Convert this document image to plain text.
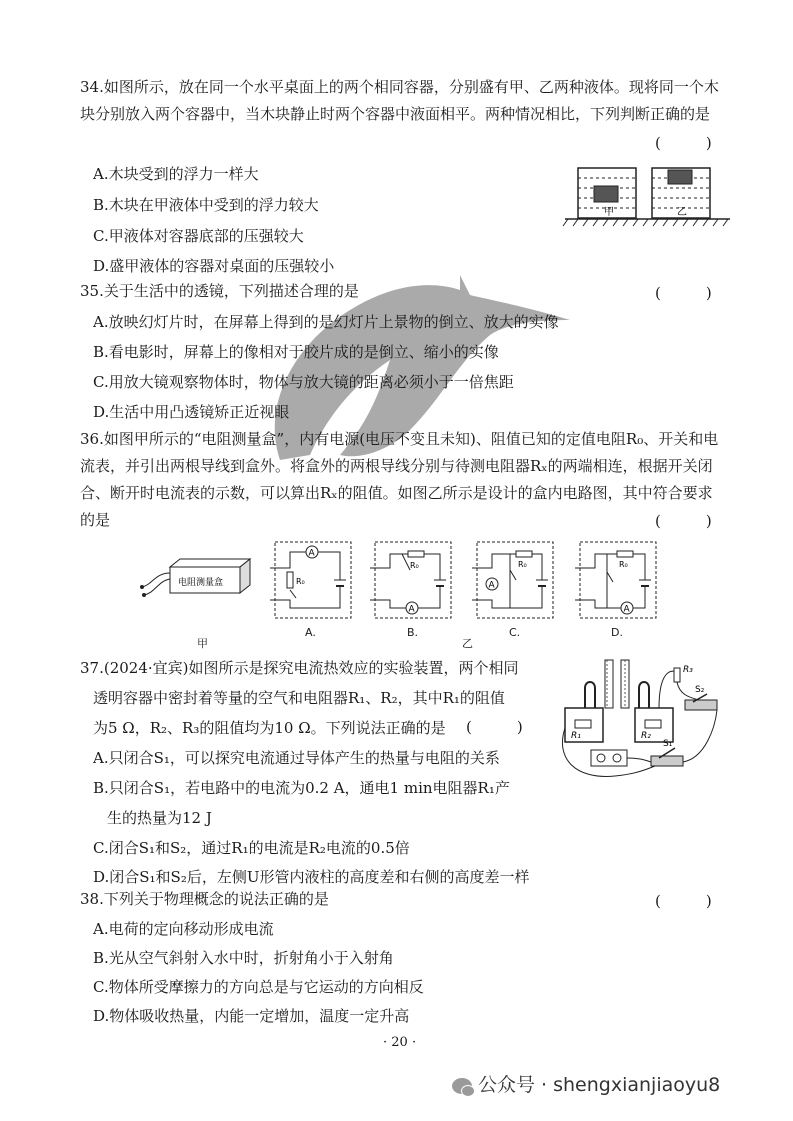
34.如图所示，放在同一个水平桌面上的两个相同容器，分别盛有甲、乙两种液体。现将同一个木块分别放入两个容器中，当木块静止时两个容器中液面相平。两种情况相比，下列判断正确的是
(　　　)
A.木块受到的浮力一样大
B.木块在甲液体中受到的浮力较大
C.甲液体对容器底部的压强较大
D.盛甲液体的容器对桌面的压强较小
甲	乙
35.关于生活中的透镜，下列描述合理的是	(　　　)
A.放映幻灯片时，在屏幕上得到的是幻灯片上景物的倒立、放大的实像
B.看电影时，屏幕上的像相对于胶片成的是倒立、缩小的实像
C.用放大镜观察物体时，物体与放大镜的距离必须小于一倍焦距
D.生活中用凸透镜矫正近视眼
36.如图甲所示的“电阻测量盒”，内有电源(电压不变且未知)、阻值已知的定值电阻R₀、开关和电流表，并引出两根导线到盒外。将盒外的两根导线分别与待测电阻器Rₓ的两端相连，根据开关闭合、断开时电流表的示数，可以算出Rₓ的阻值。如图乙所示是设计的盒内电路图，其中符合要求的是	(　　　)
电阻测量盒
甲	乙
A
R₀
A.
R₀
A
B.
R₀
A
C.
R₀
A
D.
37.(2024·宜宾)如图所示是探究电流热效应的实验装置，两个相同
透明容器中密封着等量的空气和电阻器R₁、R₂，其中R₁的阻值
为5 Ω，R₂、R₃的阻值均为10 Ω。下列说法正确的是 (　　　)
A.只闭合S₁，可以探究电流通过导体产生的热量与电阻的关系
B.只闭合S₁，若电路中的电流为0.2 A，通电1 min电阻器R₁产
生的热量为12 J
C.闭合S₁和S₂，通过R₁的电流是R₂电流的0.5倍
D.闭合S₁和S₂后，左侧U形管内液柱的高度差和右侧的高度差一样
R₁	R₂
R₃
S₂
S₁
38.下列关于物理概念的说法正确的是	(　　　)
A.电荷的定向移动形成电流
B.光从空气斜射入水中时，折射角小于入射角
C.物体所受摩擦力的方向总是与它运动的方向相反
D.物体吸收热量，内能一定增加，温度一定升高
· 20 ·
公众号 · shengxianjiaoyu8
